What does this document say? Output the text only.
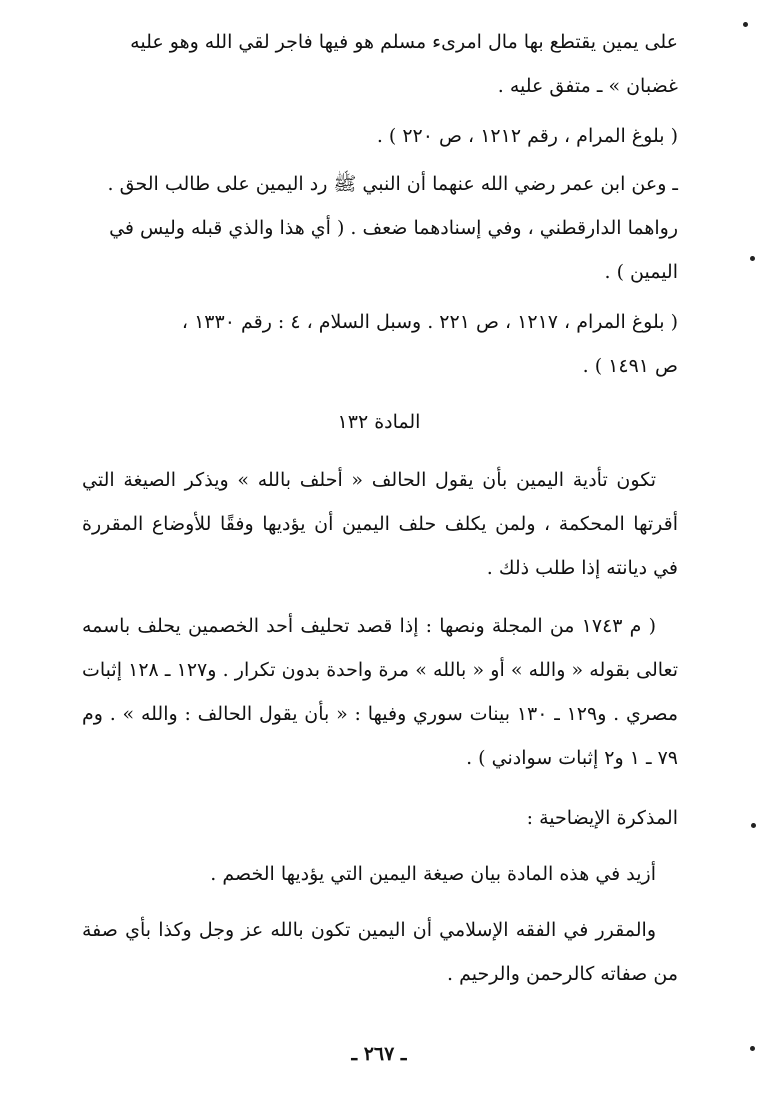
على يمين يقتطع بها مال امرىء مسلم هو فيها فاجر لقي الله وهو عليه
غضبان » ـ متفق عليه .
( بلوغ المرام ، رقم ١٢١٢ ، ص ٢٢٠ ) .
ـ وعن ابن عمر رضي الله عنهما أن النبي ﷺ رد اليمين على طالب الحق .
رواهما الدارقطني ، وفي إسنادهما ضعف . ( أي هذا والذي قبله وليس في
اليمين ) .
( بلوغ المرام ، ١٢١٧ ، ص ٢٢١ . وسبل السلام ، ٤ : رقم ١٣٣٠ ،
ص ١٤٩١ ) .
المادة ١٣٢
تكون تأدية اليمين بأن يقول الحالف « أحلف بالله » ويذكر الصيغة التي أقرتها المحكمة ، ولمن يكلف حلف اليمين أن يؤديها وفقًا للأوضاع المقررة في ديانته إذا طلب ذلك .
( م ١٧٤٣ من المجلة ونصها : إذا قصد تحليف أحد الخصمين يحلف باسمه تعالى بقوله « والله » أو « بالله » مرة واحدة بدون تكرار . و١٢٧ ـ ١٢٨ إثبات مصري . و١٢٩ ـ ١٣٠ بينات سوري وفيها : « بأن يقول الحالف : والله » . وم ٧٩ ـ ١ و٢ إثبات سوادني ) .
المذكرة الإيضاحية :
أزيد في هذه المادة بيان صيغة اليمين التي يؤديها الخصم .
والمقرر في الفقه الإسلامي أن اليمين تكون بالله عز وجل وكذا بأي صفة من صفاته كالرحمن والرحيم .
ـ ٢٦٧ ـ
